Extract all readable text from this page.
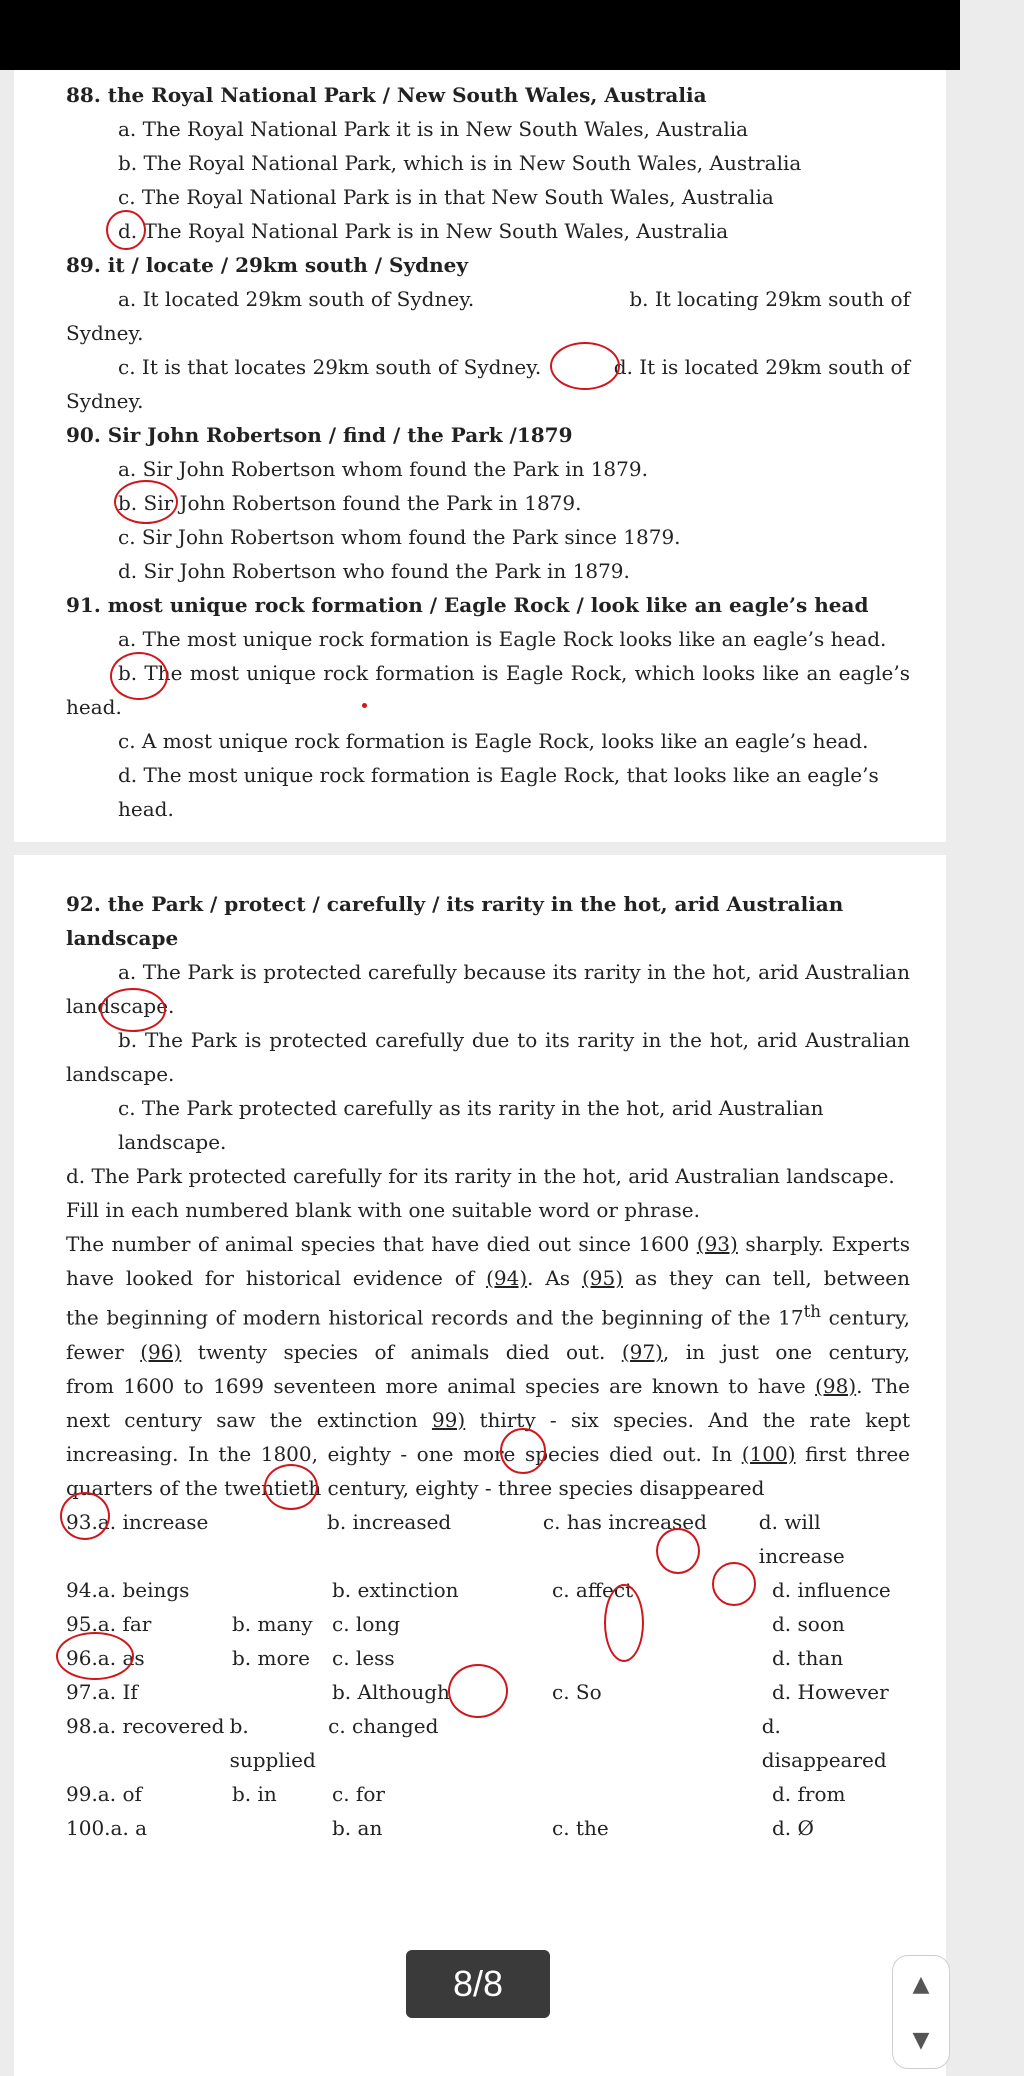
88. the Royal National Park / New South Wales, Australia
a. The Royal National Park it is in New South Wales, Australia
b. The Royal National Park, which is in New South Wales, Australia
c. The Royal National Park is in that New South Wales, Australia
d. The Royal National Park is in New South Wales, Australia
89. it / locate / 29km south / Sydney
a. It located 29km south of Sydney.	b. It locating 29km south of
Sydney.
c. It is that locates 29km south of Sydney.	d. It is located 29km south of
Sydney.
90. Sir John Robertson / find / the Park /1879
a. Sir John Robertson whom found the Park in 1879.
b. Sir John Robertson found the Park in 1879.
c. Sir John Robertson whom found the Park since 1879.
d. Sir John Robertson who found the Park in 1879.
91. most unique rock formation / Eagle Rock / look like an eagle’s head
a. The most unique rock formation is Eagle Rock looks like an eagle’s head.
b. The most unique rock formation is Eagle Rock, which looks like an eagle’s
head.
c. A most unique rock formation is Eagle Rock, looks like an eagle’s head.
d. The most unique rock formation is Eagle Rock, that looks like an eagle’s head.
92. the Park / protect / carefully / its rarity in the hot, arid Australian landscape
a. The Park is protected carefully because its rarity in the hot, arid Australian
landscape.
b. The Park is protected carefully due to its rarity in the hot, arid Australian
landscape.
c. The Park protected carefully as its rarity in the hot, arid Australian landscape.
d. The Park protected carefully for its rarity in the hot, arid Australian landscape.
Fill in each numbered blank with one suitable word or phrase.
The number of animal species that have died out since 1600 (93) sharply. Experts
have looked for historical evidence of (94). As (95) as they can tell, between
the beginning of modern historical records and the beginning of the 17th century,
fewer (96) twenty species of animals died out. (97), in just one century,
from 1600 to 1699 seventeen more animal species are known to have (98). The
next century saw the extinction 99) thirty - six species. And the rate kept
increasing. In the 1800, eighty - one more species died out. In (100) first three
quarters of the twentieth century, eighty - three species disappeared
93.a. increase	b. increased	c. has increased	d. will increase
94.a. beings	b. extinction	c. affect	d. influence
95.a. far	b. many c. long	d. soon
96.a. as	b. more	c. less	d. than
97.a. If	b. Although	c. So	d. However
98.a. recovered b. supplied
c. changed	d. disappeared
99.a. of	b. in	c. for	d. from
100.a. a	b. an	c. the	d. Ø
8/8	▲
▼
